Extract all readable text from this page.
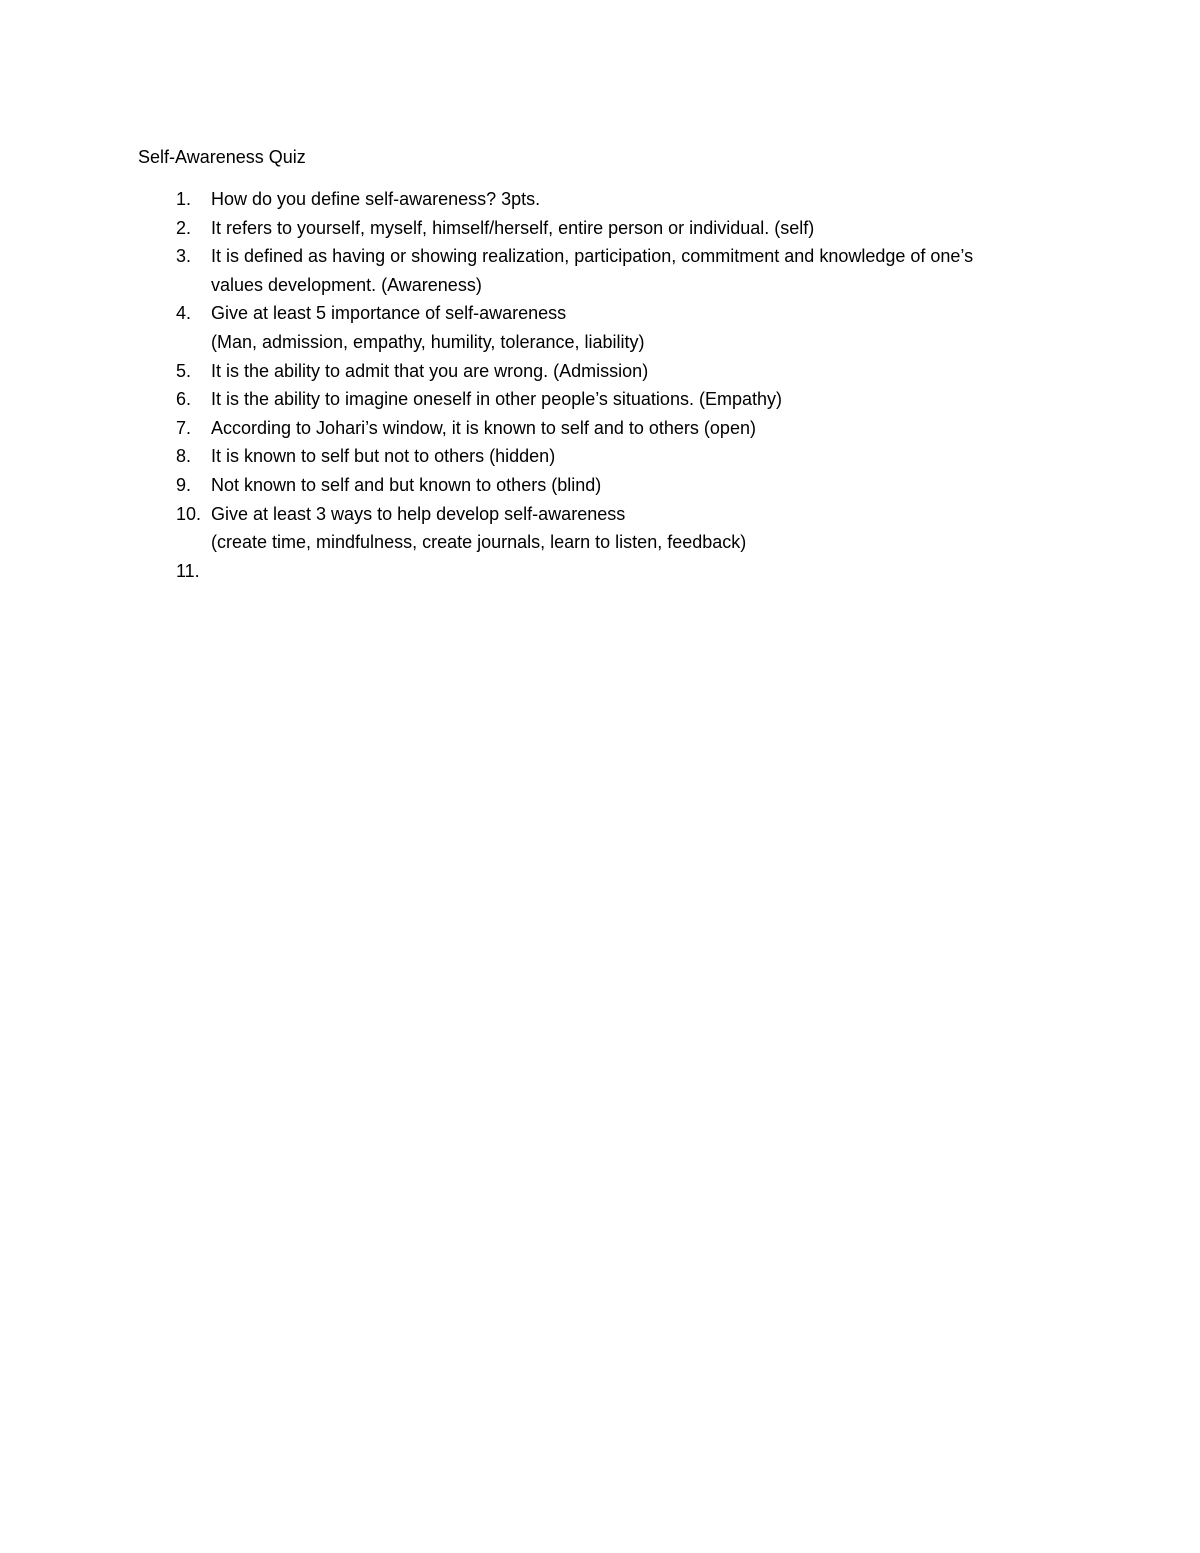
Self-Awareness Quiz
1. How do you define self-awareness? 3pts.
2. It refers to yourself, myself, himself/herself, entire person or individual. (self)
3. It is defined as having or showing realization, participation, commitment and knowledge of one’s
values development. (Awareness)
4. Give at least 5 importance of self-awareness
(Man, admission, empathy, humility, tolerance, liability)
5. It is the ability to admit that you are wrong. (Admission)
6. It is the ability to imagine oneself in other people’s situations. (Empathy)
7. According to Johari’s window, it is known to self and to others (open)
8. It is known to self but not to others (hidden)
9. Not known to self and but known to others (blind)
10. Give at least 3 ways to help develop self-awareness
(create time, mindfulness, create journals, learn to listen, feedback)
11.
